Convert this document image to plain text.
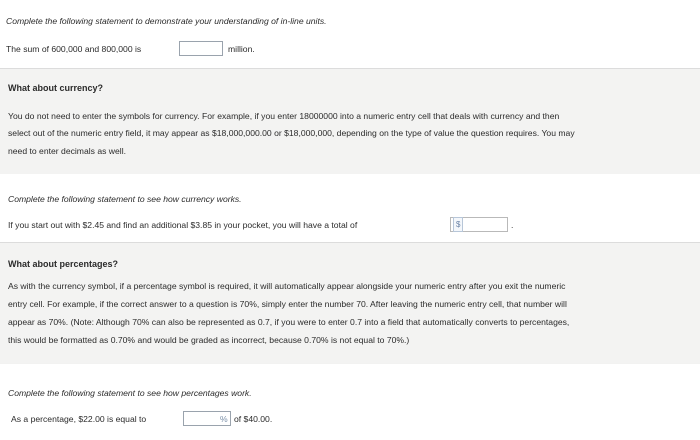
Complete the following statement to demonstrate your understanding of in-line units.
The sum of 600,000 and 800,000 is	million.
What about currency?
You do not need to enter the symbols for currency. For example, if you enter 18000000 into a numeric entry cell that deals with currency and then
select out of the numeric entry field, it may appear as $18,000,000.00 or $18,000,000, depending on the type of value the question requires. You may
need to enter decimals as well.
Complete the following statement to see how currency works.
If you start out with $2.45 and find an additional $3.85 in your pocket, you will have a total of	$	.
What about percentages?
As with the currency symbol, if a percentage symbol is required, it will automatically appear alongside your numeric entry after you exit the numeric
entry cell. For example, if the correct answer to a question is 70%, simply enter the number 70. After leaving the numeric entry cell, that number will
appear as 70%. (Note: Although 70% can also be represented as 0.7, if you were to enter 0.7 into a field that automatically converts to percentages,
this would be formatted as 0.70% and would be graded as incorrect, because 0.70% is not equal to 70%.)
Complete the following statement to see how percentages work.
As a percentage, $22.00 is equal to	% of $40.00.
